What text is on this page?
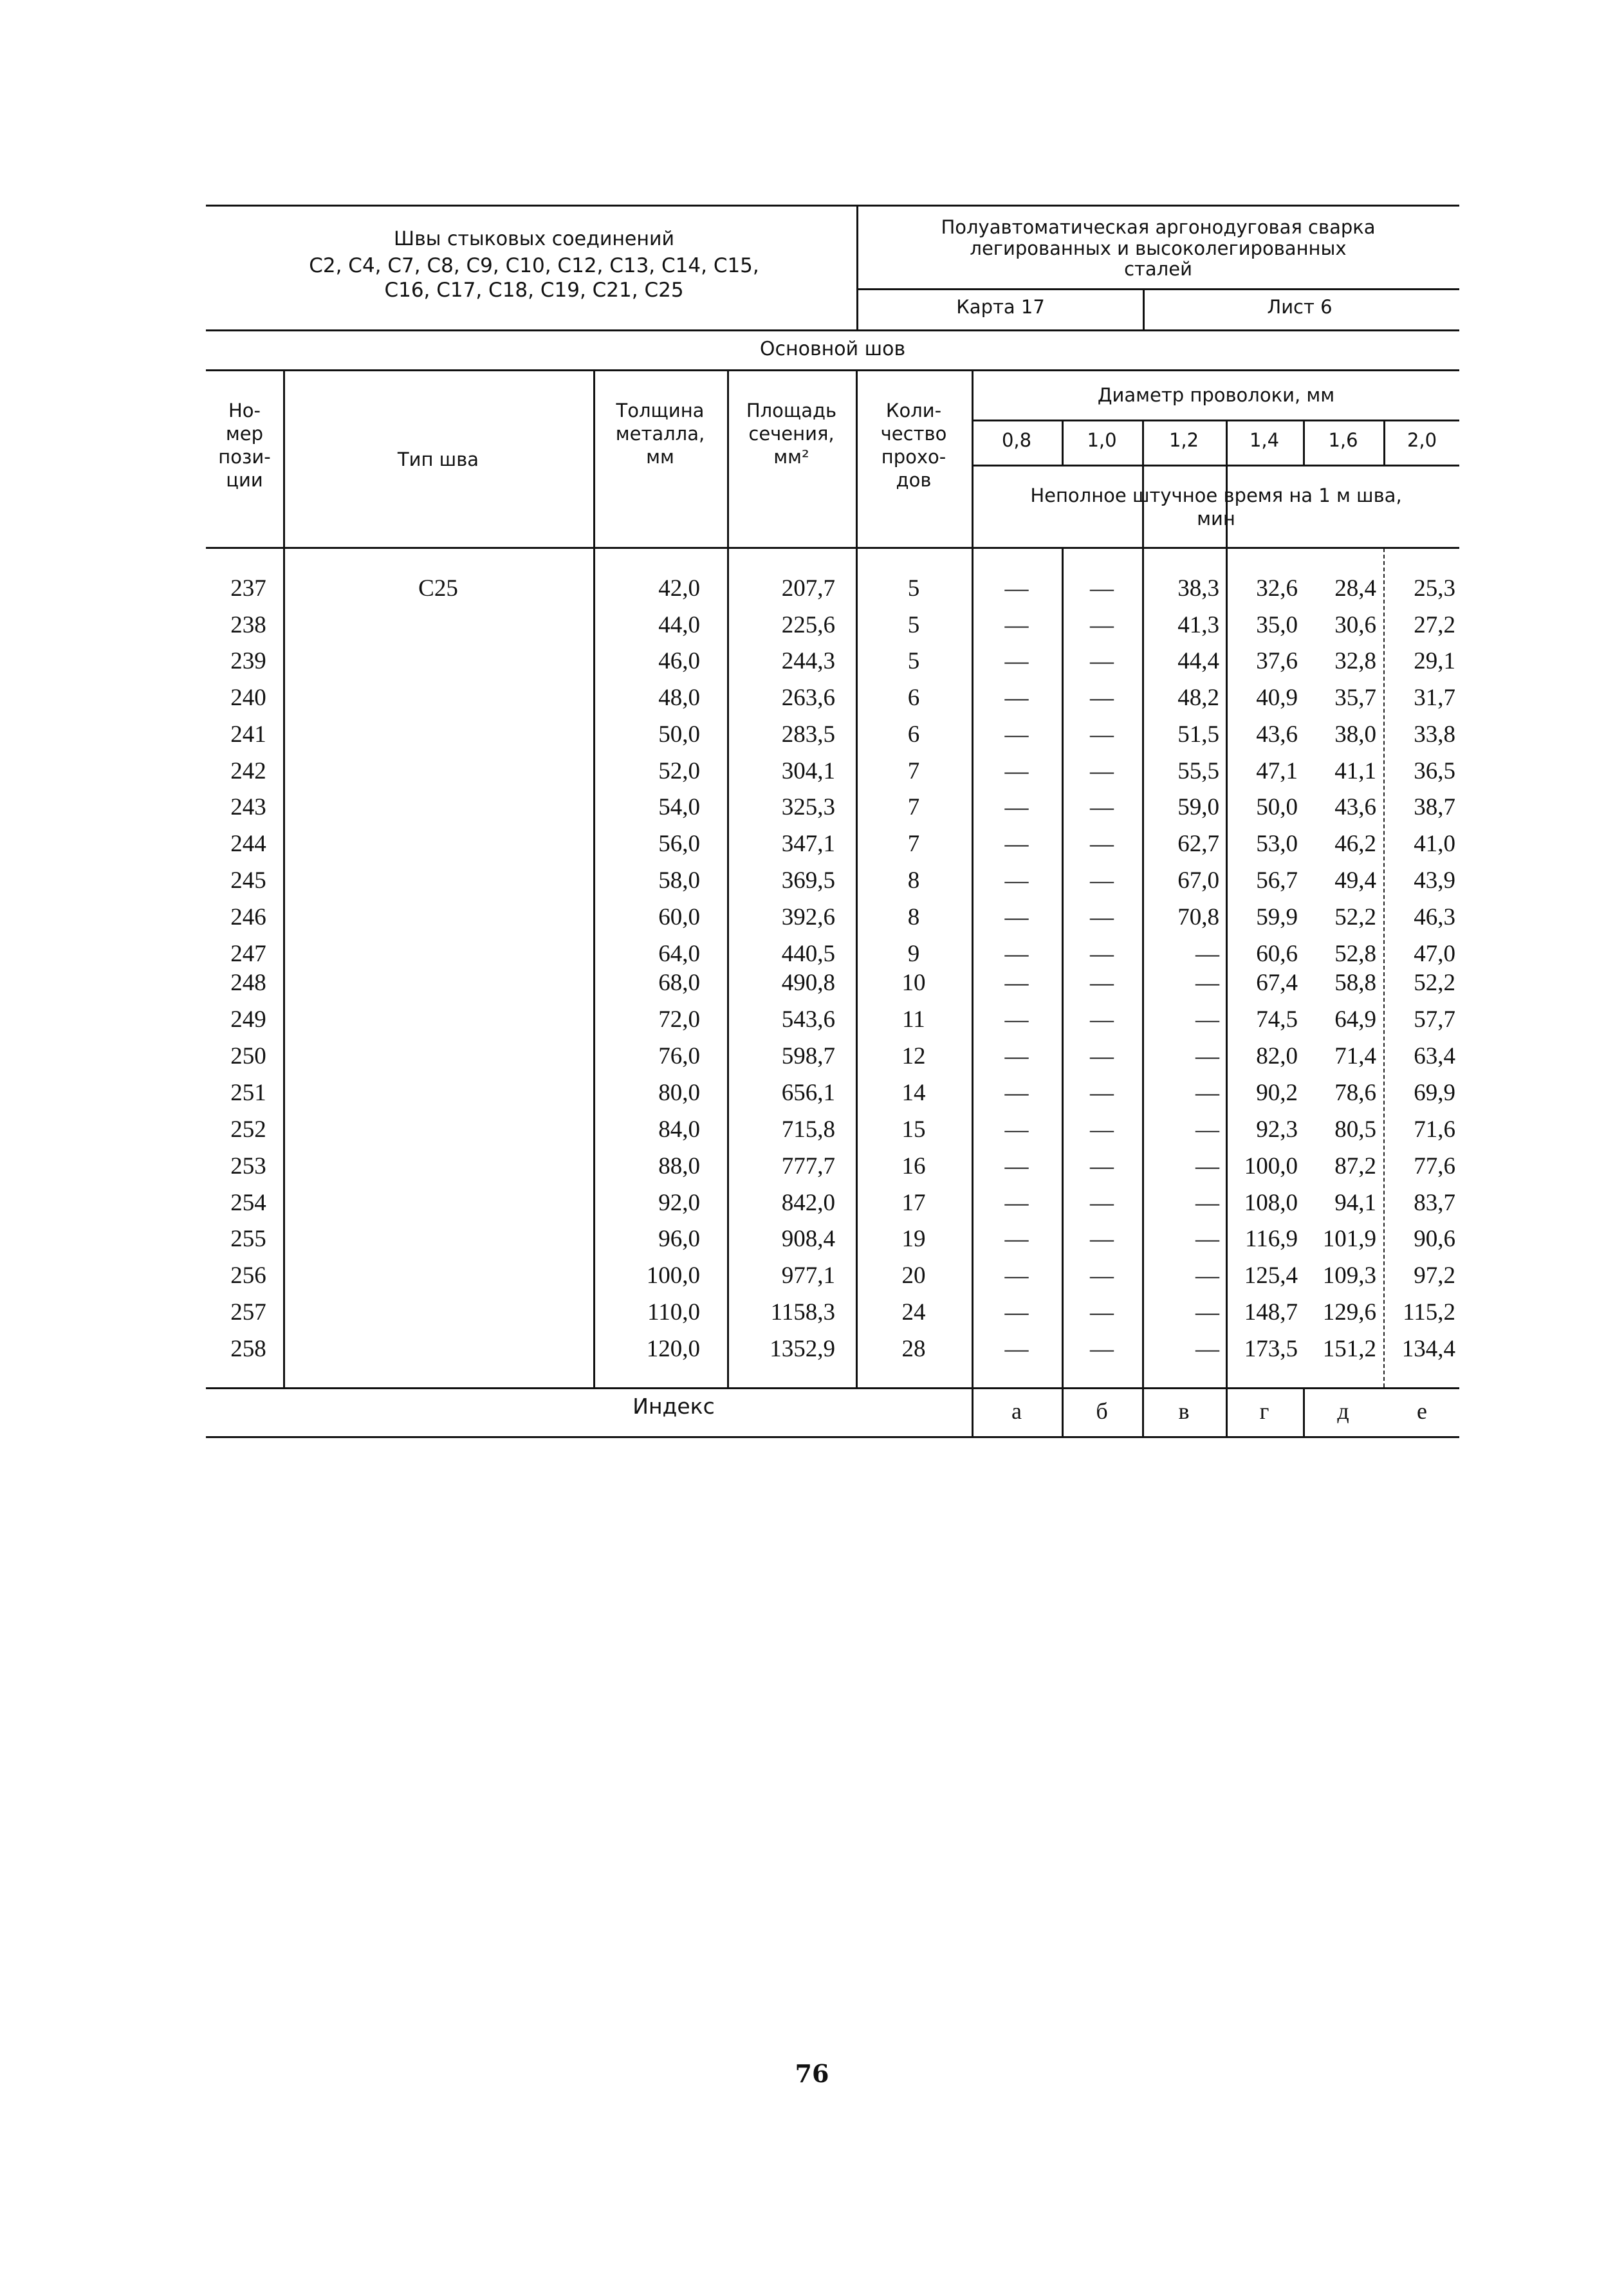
Швы стыковых соединений
С2, С4, С7, С8, С9, С10, С12, С13, С14, С15,
С16, С17, С18, С19, С21, С25
Полуавтоматическая аргонодуговая сварка
легированных и высоколегированных
сталей
Карта 17	Лист 6
Основной шов
Но-
мер
пози-
ции
Тип шва
Толщина
металла,
мм
Площадь
сечения,
мм²
Коли-
чество
прохо-
дов
Диаметр проволоки, мм
0,8	1,0	1,2	1,4	1,6	2,0
Неполное штучное время на 1 м шва,
мин
С25
237	42,0	207,7	5	—	—	38,3	32,6	28,4	25,3
238	44,0	225,6	5	—	—	41,3	35,0	30,6	27,2
239	46,0	244,3	5	—	—	44,4	37,6	32,8	29,1
240	48,0	263,6	6	—	—	48,2	40,9	35,7	31,7
241	50,0	283,5	6	—	—	51,5	43,6	38,0	33,8
242	52,0	304,1	7	—	—	55,5	47,1	41,1	36,5
243	54,0	325,3	7	—	—	59,0	50,0	43,6	38,7
244	56,0	347,1	7	—	—	62,7	53,0	46,2	41,0
245	58,0	369,5	8	—	—	67,0	56,7	49,4	43,9
246	60,0	392,6	8	—	—	70,8	59,9	52,2	46,3
247	64,0	440,5	9	—	—	—	60,6	52,8	47,0
248	68,0	490,8	10	—	—	—	67,4	58,8	52,2
249	72,0	543,6	11	—	—	—	74,5	64,9	57,7
250	76,0	598,7	12	—	—	—	82,0	71,4	63,4
251	80,0	656,1	14	—	—	—	90,2	78,6	69,9
252	84,0	715,8	15	—	—	—	92,3	80,5	71,6
253	88,0	777,7	16	—	—	—	100,0	87,2	77,6
254	92,0	842,0	17	—	—	—	108,0	94,1	83,7
255	96,0	908,4	19	—	—	—	116,9	101,9	90,6
256	100,0	977,1	20	—	—	—	125,4	109,3	97,2
257	110,0	1158,3	24	—	—	—	148,7	129,6	115,2
258	120,0	1352,9	28	—	—	—	173,5	151,2	134,4
Индекс	а	б	в	г	д	е
76
